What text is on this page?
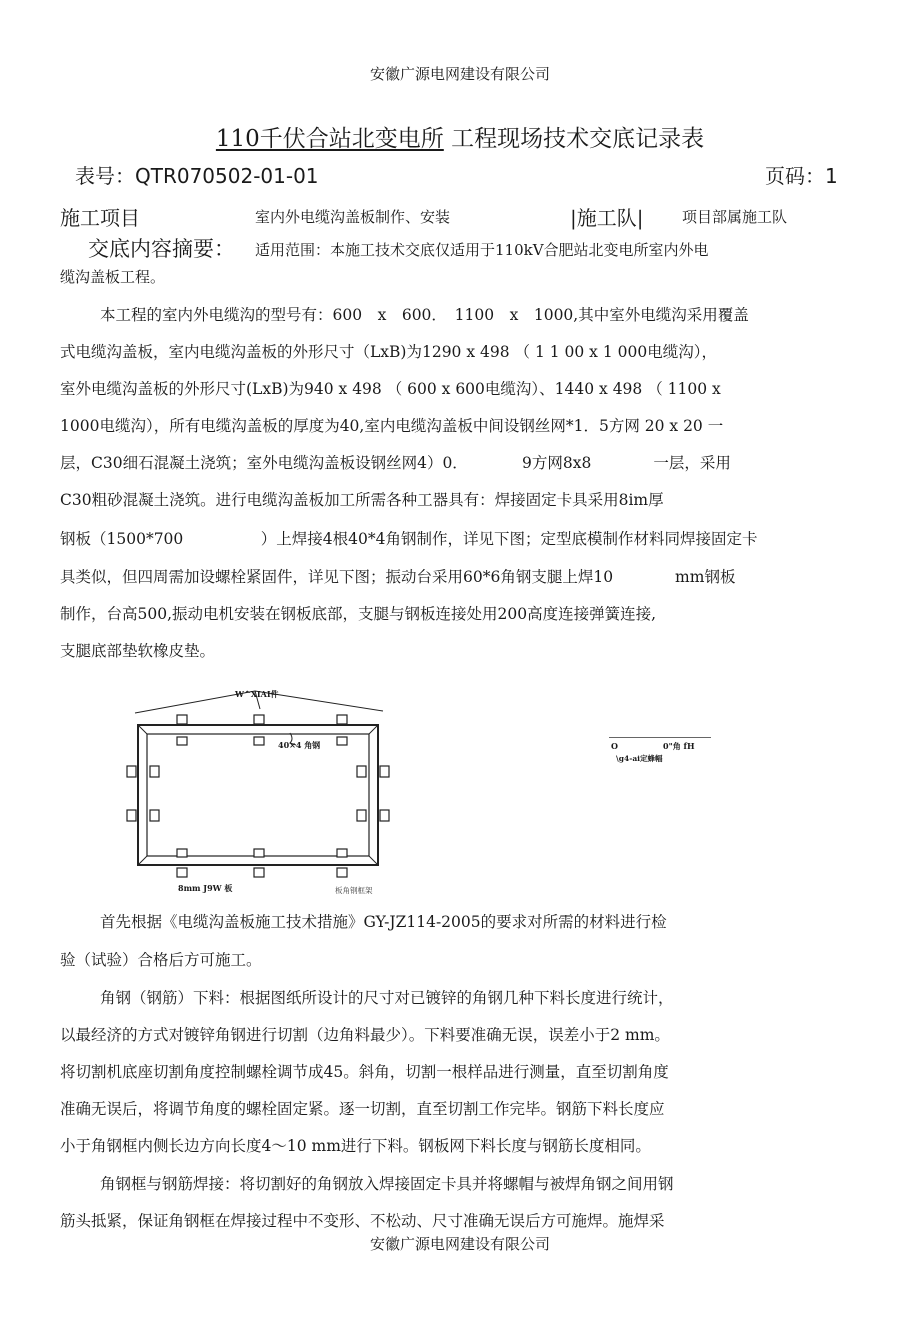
安徽广源电网建设有限公司
110千伏合站北变电所 工程现场技术交底记录表
表号：QTR070502-01-01	页码：1
施工项目	室内外电缆沟盖板制作、安装	|施工队|	项目部属施工队
交底内容摘要： 适用范围：本施工技术交底仅适用于110kV合肥站北变电所室内外电
缆沟盖板工程。
本工程的室内外电缆沟的型号有：600　x　600．　1100　x　1000,其中室外电缆沟采用覆盖
式电缆沟盖板，室内电缆沟盖板的外形尺寸（LxB)为1290 x 498 （ 1 1 00 x 1 000电缆沟），
室外电缆沟盖板的外形尺寸(LxB)为940 x 498 （ 600 x 600电缆沟）、1440 x 498 （ 1100 x
1000电缆沟），所有电缆沟盖板的厚度为40,室内电缆沟盖板中间设钢丝网*1．5方网 20 x 20 一
层，C30细石混凝土浇筑；室外电缆沟盖板设钢丝网4）0．　　　　9方网8x8　　　　一层，采用
C30粗砂混凝土浇筑。进行电缆沟盖板加工所需各种工器具有：焊接固定卡具采用8im厚
钢板（1500*700　　　　　）上焊接4根40*4角钢制作，详见下图；定型底模制作材料同焊接固定卡
具类似，但四周需加设螺栓紧固件，详见下图；振动台采用60*6角钢支腿上焊10　　　　mm钢板
制作，台高500,振动电机安装在钢板底部，支腿与钢板连接处用200高度连接弹簧连接,
支腿底部垫软橡皮垫。
W^XIAI件
40×4 角钢
8mm J9W 板	板角钢框架
O	0"角 fH
\g4-ai定蜂幅
首先根据《电缆沟盖板施工技术措施》GY-JZ114-2005的要求对所需的材料进行检
验（试验）合格后方可施工。
角钢（钢筋）下料：根据图纸所设计的尺寸对已镀锌的角钢几种下料长度进行统计，
以最经济的方式对镀锌角钢进行切割（边角料最少）。下料要准确无误，误差小于2 mm。
将切割机底座切割角度控制螺栓调节成45。斜角，切割一根样品进行测量，直至切割角度
准确无误后，将调节角度的螺栓固定紧。逐一切割，直至切割工作完毕。钢筋下料长度应
小于角钢框内侧长边方向长度4～10 mm进行下料。钢板网下料长度与钢筋长度相同。
角钢框与钢筋焊接：将切割好的角钢放入焊接固定卡具并将螺帽与被焊角钢之间用钢
筋头抵紧，保证角钢框在焊接过程中不变形、不松动、尺寸准确无误后方可施焊。施焊采
安徽广源电网建设有限公司
